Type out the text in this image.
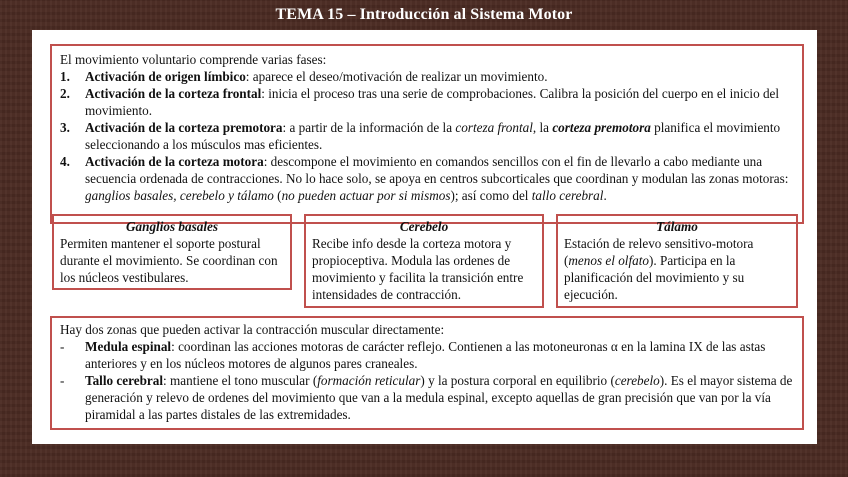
TEMA 15 – Introducción al Sistema Motor
El movimiento voluntario comprende varias fases:
1.	Activación de origen límbico: aparece el deseo/motivación de realizar un movimiento.
2.	Activación de la corteza frontal: inicia el proceso tras una serie de comprobaciones. Calibra la posición del cuerpo en el inicio del movimiento.
3.	Activación de la corteza premotora: a partir de la información de la corteza frontal, la corteza premotora planifica el movimiento seleccionando a los músculos mas eficientes.
4.	Activación de la corteza motora: descompone el movimiento en comandos sencillos con el fin de llevarlo a cabo mediante una secuencia ordenada de contracciones. No lo hace solo, se apoya en centros subcorticales que coordinan y modulan las zonas motoras: ganglios basales, cerebelo y tálamo (no pueden actuar por si mismos); así como del tallo cerebral.
Ganglios basales
Permiten mantener el soporte postural durante el movimiento. Se coordinan con los núcleos vestibulares.
Cerebelo
Recibe info desde la corteza motora y propioceptiva. Modula las ordenes de movimiento y facilita la transición entre intensidades de contracción.
Tálamo
Estación de relevo sensitivo-motora (menos el olfato). Participa en la planificación del movimiento y su ejecución.
Hay dos zonas que pueden activar la contracción muscular directamente:
-	Medula espinal: coordinan las acciones motoras de carácter reflejo. Contienen a las motoneuronas α en la lamina IX de las astas anteriores y en los núcleos motores de algunos pares craneales.
-	Tallo cerebral: mantiene el tono muscular (formación reticular) y la postura corporal en equilibrio (cerebelo). Es el mayor sistema de generación y relevo de ordenes del movimiento que van a la medula espinal, excepto aquellas de gran precisión que van por la vía piramidal a las partes distales de las extremidades.
